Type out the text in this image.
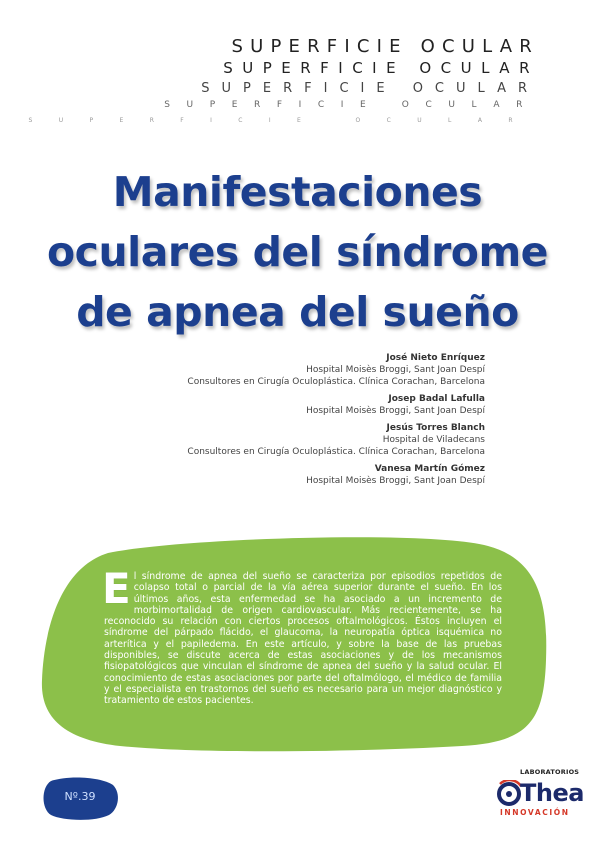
SUPERFICIE OCULAR
SUPERFICIE OCULAR
SUPERFICIE OCULAR
SUPERFICIE OCULAR
SUPERFICIE OCULAR
Manifestaciones
oculares del síndrome
de apnea del sueño
José Nieto Enríquez
Hospital Moisès Broggi, Sant Joan Despí
Consultores en Cirugía Oculoplástica. Clínica Corachan, Barcelona
Josep Badal Lafulla
Hospital Moisès Broggi, Sant Joan Despí
Jesús Torres Blanch
Hospital de Viladecans
Consultores en Cirugía Oculoplástica. Clínica Corachan, Barcelona
Vanesa Martín Gómez
Hospital Moisès Broggi, Sant Joan Despí
El síndrome de apnea del sueño se caracteriza por episodios repetidos de colapso total o parcial de la vía aérea superior durante el sueño. En los últimos años, esta enfermedad se ha asociado a un incremento de morbimortalidad de origen cardiovascular. Más recientemente, se ha reconocido su relación con ciertos procesos oftalmológicos. Éstos incluyen el síndrome del párpado flácido, el glaucoma, la neuropatía óptica isquémica no arterítica y el papiledema. En este artículo, y sobre la base de las pruebas disponibles, se discute acerca de estas asociaciones y de los mecanismos fisiopatológicos que vinculan el síndrome de apnea del sueño y la salud ocular. El conocimiento de estas asociaciones por parte del oftalmólogo, el médico de familia y el especialista en trastornos del sueño es necesario para un mejor diagnóstico y tratamiento de estos pacientes.
Nº.39
LABORATORIOS
Thea
INNOVACIÓN
